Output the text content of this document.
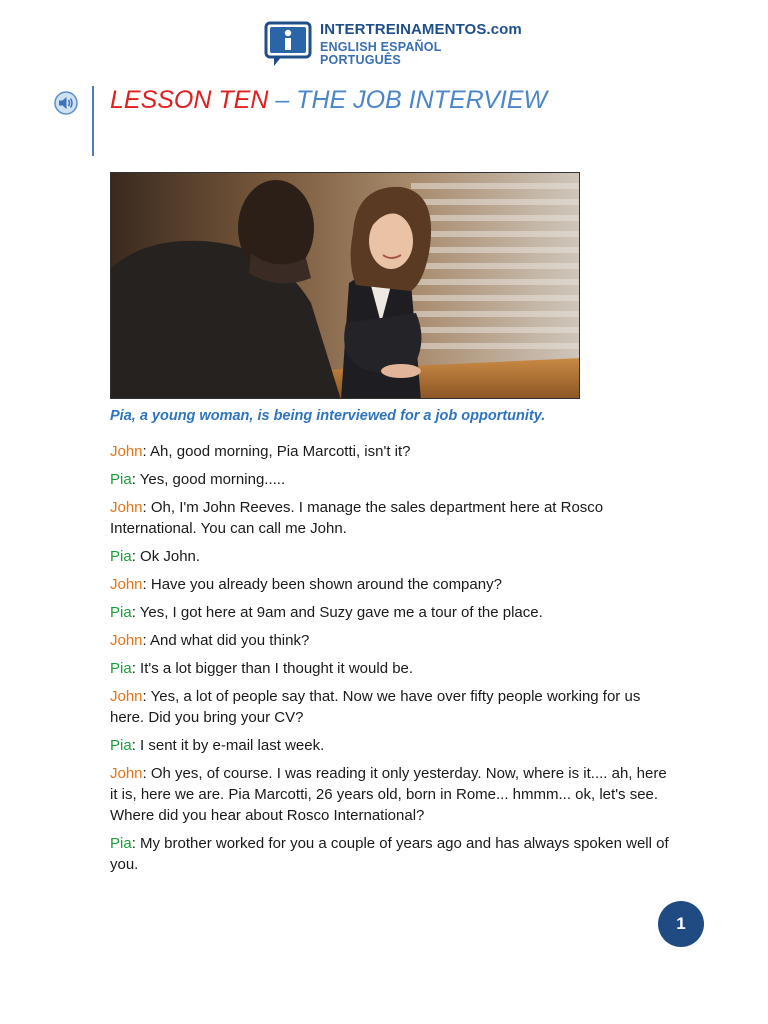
INTERTREINAMENTOS.com
ENGLISH ESPAÑOL PORTUGUÊS
LESSON TEN – THE JOB INTERVIEW
Pia, a young woman, is being interviewed for a job opportunity.
John: Ah, good morning, Pia Marcotti, isn't it?
Pia: Yes, good morning.....
John: Oh, I'm John Reeves. I manage the sales department here at Rosco International. You can call me John.
Pia: Ok John.
John: Have you already been shown around the company?
Pia: Yes, I got here at 9am and Suzy gave me a tour of the place.
John: And what did you think?
Pia: It's a lot bigger than I thought it would be.
John: Yes, a lot of people say that. Now we have over fifty people working for us here. Did you bring your CV?
Pia: I sent it by e-mail last week.
John: Oh yes, of course. I was reading it only yesterday. Now, where is it.... ah, here it is, here we are. Pia Marcotti, 26 years old, born in Rome... hmmm... ok, let's see. Where did you hear about Rosco International?
Pia: My brother worked for you a couple of years ago and has always spoken well of you.
1
